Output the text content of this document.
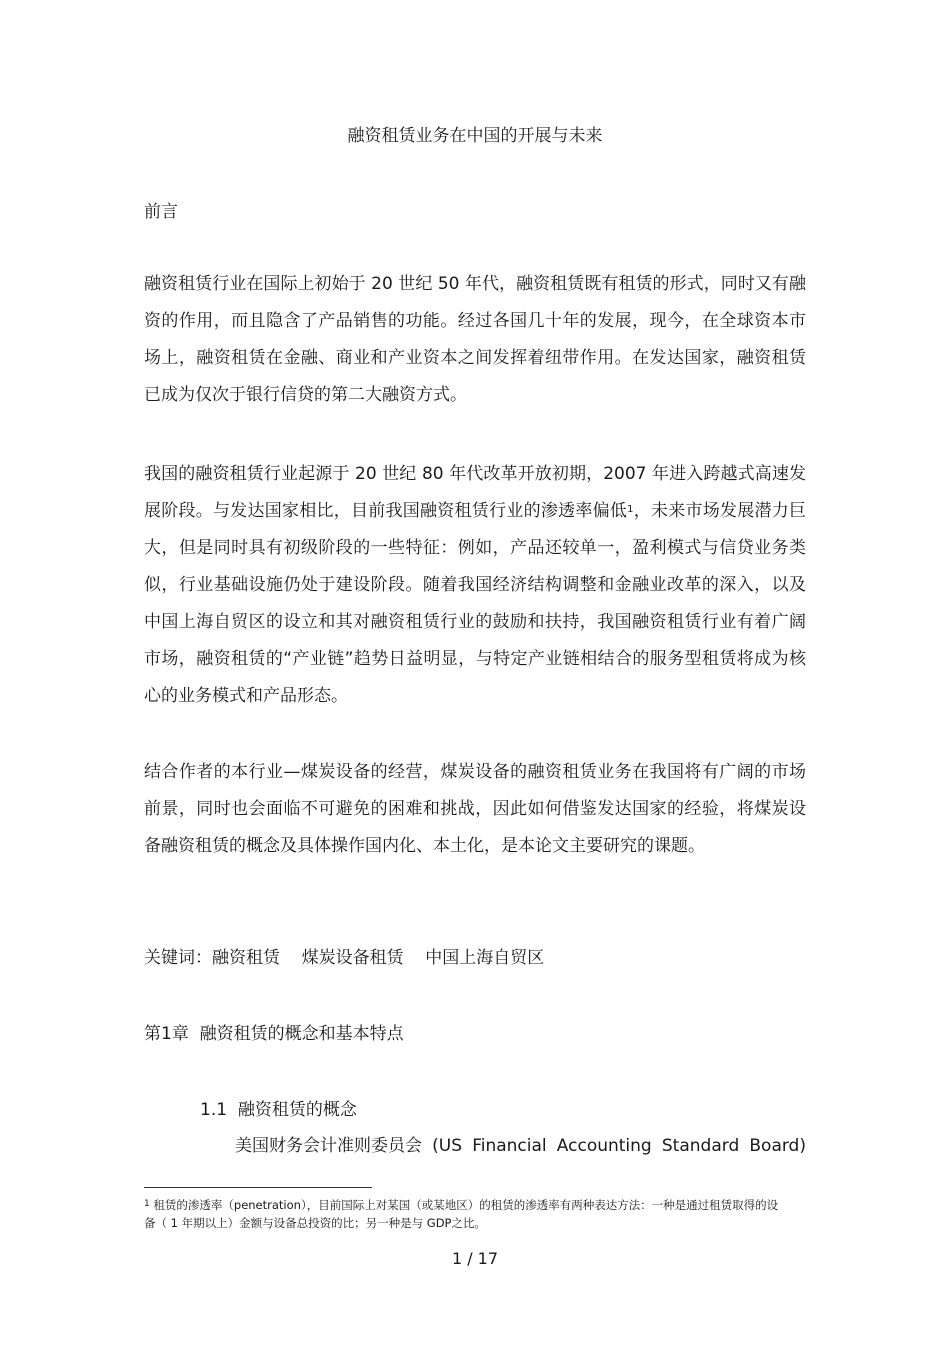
融资租赁业务在中国的开展与未来
前言

融资租赁行业在国际上初始于 20 世纪 50 年代，融资租赁既有租赁的形式，同时又有融资的作用，而且隐含了产品销售的功能。经过各国几十年的发展，现今，在全球资本市场上，融资租赁在金融、商业和产业资本之间发挥着纽带作用。在发达国家，融资租赁已成为仅次于银行信贷的第二大融资方式。

我国的融资租赁行业起源于 20 世纪 80 年代改革开放初期，2007 年进入跨越式高速发展阶段。与发达国家相比，目前我国融资租赁行业的渗透率偏低$^1$，未来市场发展潜力巨大，但是同时具有初级阶段的一些特征：例如，产品还较单一，盈利模式与信贷业务类似，行业基础设施仍处于建设阶段。随着我国经济结构调整和金融业改革的深入，以及中国上海自贸区的设立和其对融资租赁行业的鼓励和扶持，我国融资租赁行业有着广阔市场，融资租赁的“产业链”趋势日益明显，与特定产业链相结合的服务型租赁将成为核心的业务模式和产品形态。

结合作者的本行业—煤炭设备的经营，煤炭设备的融资租赁业务在我国将有广阔的市场前景，同时也会面临不可避免的困难和挑战，因此如何借鉴发达国家的经验，将煤炭设备融资租赁的概念及具体操作国内化、本土化，是本论文主要研究的课题。

关键词：融资租赁    煤炭设备租赁    中国上海自贸区
第1章  融资租赁的概念和基本特点
1.1  融资租赁的概念
美国财务会计准则委员会 (US Financial Accounting Standard Board)
$^1$ 租赁的渗透率（penetration），目前国际上对某国（或某地区）的租赁的渗透率有两种表达方法：一种是通过租赁取得的设备（ 1 年期以上）金额与设备总投资的比；另一种是与 GDP之比。
1 / 17
